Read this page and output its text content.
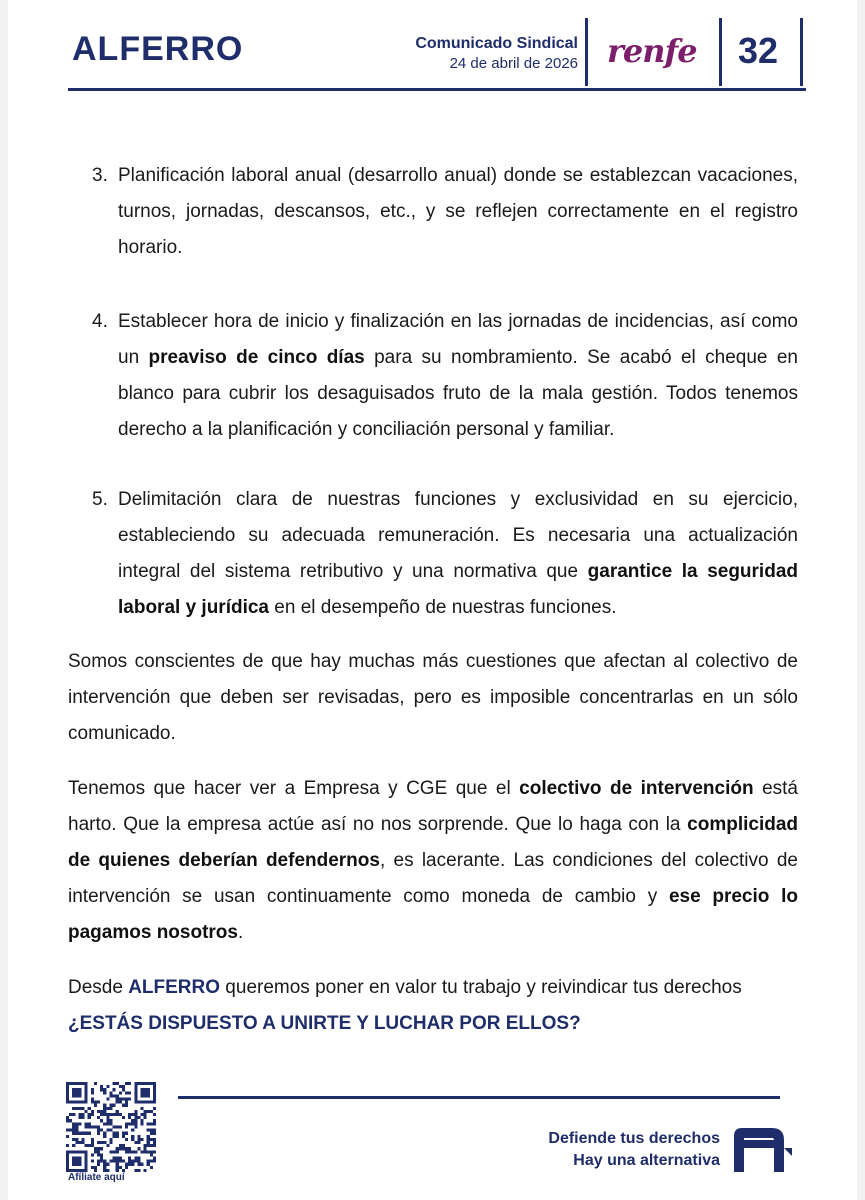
ALFERRO	Comunicado Sindical
24 de abril de 2026 renfe 32
3. Planificación laboral anual (desarrollo anual) donde se establezcan vacaciones, turnos, jornadas, descansos, etc., y se reflejen correctamente en el registro horario.
4. Establecer hora de inicio y finalización en las jornadas de incidencias, así como un preaviso de cinco días para su nombramiento. Se acabó el cheque en blanco para cubrir los desaguisados fruto de la mala gestión. Todos tenemos derecho a la planificación y conciliación personal y familiar.
5. Delimitación clara de nuestras funciones y exclusividad en su ejercicio, estableciendo su adecuada remuneración. Es necesaria una actualización integral del sistema retributivo y una normativa que garantice la seguridad laboral y jurídica en el desempeño de nuestras funciones.
Somos conscientes de que hay muchas más cuestiones que afectan al colectivo de intervención que deben ser revisadas, pero es imposible concentrarlas en un sólo comunicado.
Tenemos que hacer ver a Empresa y CGE que el colectivo de intervención está harto. Que la empresa actúe así no nos sorprende. Que lo haga con la complicidad de quienes deberían defendernos, es lacerante. Las condiciones del colectivo de intervención se usan continuamente como moneda de cambio y ese precio lo pagamos nosotros.
Desde ALFERRO queremos poner en valor tu trabajo y reivindicar tus derechos
¿ESTÁS DISPUESTO A UNIRTE Y LUCHAR POR ELLOS?
Afíliate aquí
Defiende tus derechos
Hay una alternativa
